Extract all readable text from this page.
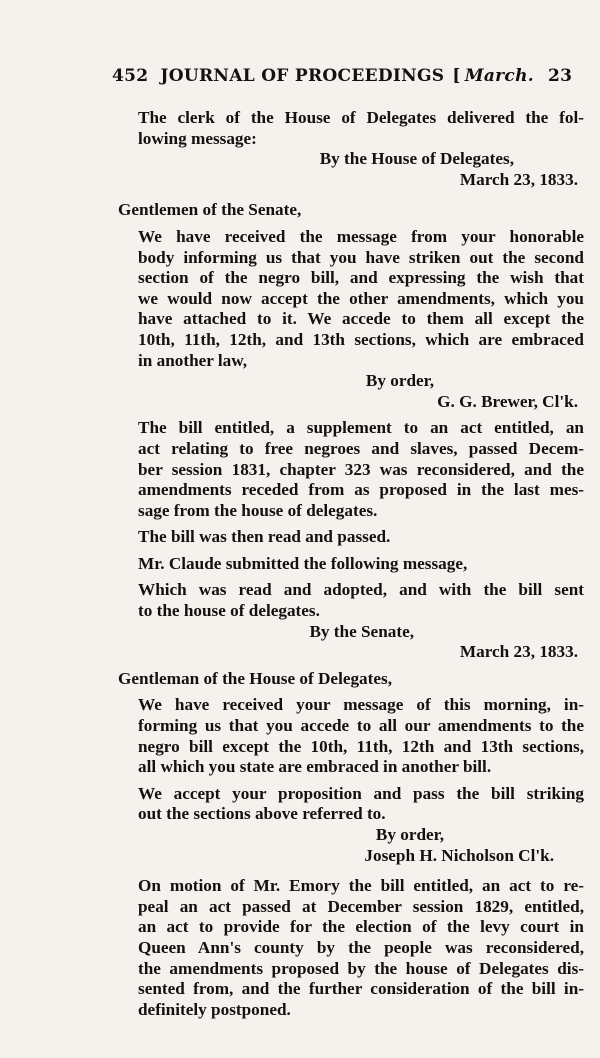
452 JOURNAL OF PROCEEDINGS [ March. 23
The clerk of the House of Delegates delivered the fol-
lowing message:
By the House of Delegates,
March 23, 1833.
Gentlemen of the Senate,
We have received the message from your honorable
body informing us that you have striken out the second
section of the negro bill, and expressing the wish that
we would now accept the other amendments, which you
have attached to it. We accede to them all except the
10th, 11th, 12th, and 13th sections, which are embraced
in another law,
By order,
G. G. Brewer, Cl'k.
The bill entitled, a supplement to an act entitled, an
act relating to free negroes and slaves, passed Decem-
ber session 1831, chapter 323 was reconsidered, and the
amendments receded from as proposed in the last mes-
sage from the house of delegates.
The bill was then read and passed.
Mr. Claude submitted the following message,
Which was read and adopted, and with the bill sent
to the house of delegates.
By the Senate,
March 23, 1833.
Gentleman of the House of Delegates,
We have received your message of this morning, in-
forming us that you accede to all our amendments to the
negro bill except the 10th, 11th, 12th and 13th sections,
all which you state are embraced in another bill.
We accept your proposition and pass the bill striking
out the sections above referred to.
By order,
Joseph H. Nicholson Cl'k.
On motion of Mr. Emory the bill entitled, an act to re-
peal an act passed at December session 1829, entitled,
an act to provide for the election of the levy court in
Queen Ann's county by the people was reconsidered,
the amendments proposed by the house of Delegates dis-
sented from, and the further consideration of the bill in-
definitely postponed.
